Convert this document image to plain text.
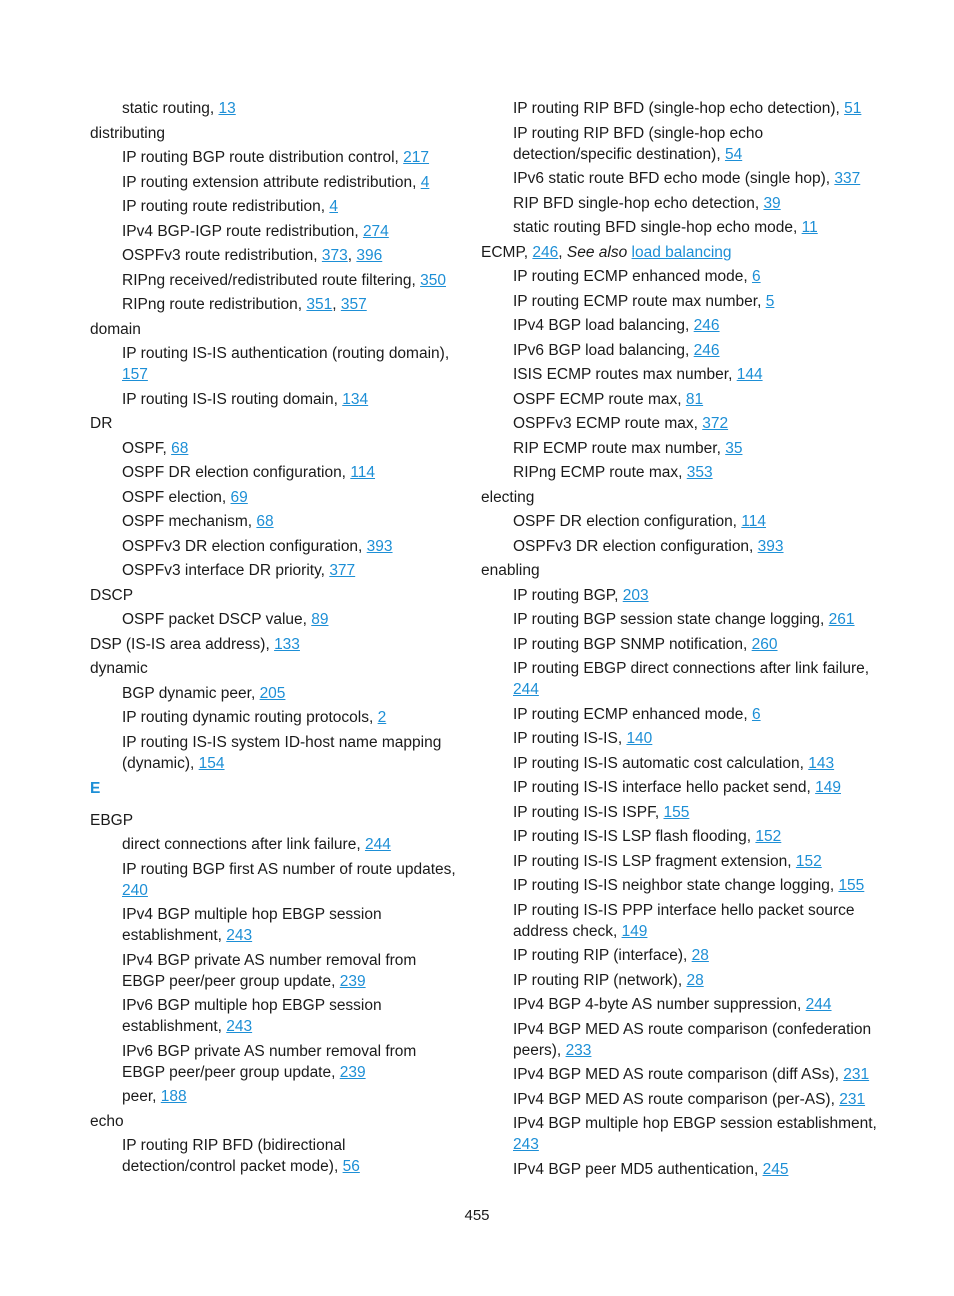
static routing, 13
distributing
IP routing BGP route distribution control, 217
IP routing extension attribute redistribution, 4
IP routing route redistribution, 4
IPv4 BGP-IGP route redistribution, 274
OSPFv3 route redistribution, 373, 396
RIPng received/redistributed route filtering, 350
RIPng route redistribution, 351, 357
domain
IP routing IS-IS authentication (routing domain), 157
IP routing IS-IS routing domain, 134
DR
OSPF, 68
OSPF DR election configuration, 114
OSPF election, 69
OSPF mechanism, 68
OSPFv3 DR election configuration, 393
OSPFv3 interface DR priority, 377
DSCP
OSPF packet DSCP value, 89
DSP (IS-IS area address), 133
dynamic
BGP dynamic peer, 205
IP routing dynamic routing protocols, 2
IP routing IS-IS system ID-host name mapping (dynamic), 154
E
EBGP
direct connections after link failure, 244
IP routing BGP first AS number of route updates, 240
IPv4 BGP multiple hop EBGP session establishment, 243
IPv4 BGP private AS number removal from EBGP peer/peer group update, 239
IPv6 BGP multiple hop EBGP session establishment, 243
IPv6 BGP private AS number removal from EBGP peer/peer group update, 239
peer, 188
echo
IP routing RIP BFD (bidirectional detection/control packet mode), 56
IP routing RIP BFD (single-hop echo detection), 51
IP routing RIP BFD (single-hop echo detection/specific destination), 54
IPv6 static route BFD echo mode (single hop), 337
RIP BFD single-hop echo detection, 39
static routing BFD single-hop echo mode, 11
ECMP, 246, See also load balancing
IP routing ECMP enhanced mode, 6
IP routing ECMP route max number, 5
IPv4 BGP load balancing, 246
IPv6 BGP load balancing, 246
ISIS ECMP routes max number, 144
OSPF ECMP route max, 81
OSPFv3 ECMP route max, 372
RIP ECMP route max number, 35
RIPng ECMP route max, 353
electing
OSPF DR election configuration, 114
OSPFv3 DR election configuration, 393
enabling
IP routing BGP, 203
IP routing BGP session state change logging, 261
IP routing BGP SNMP notification, 260
IP routing EBGP direct connections after link failure, 244
IP routing ECMP enhanced mode, 6
IP routing IS-IS, 140
IP routing IS-IS automatic cost calculation, 143
IP routing IS-IS interface hello packet send, 149
IP routing IS-IS ISPF, 155
IP routing IS-IS LSP flash flooding, 152
IP routing IS-IS LSP fragment extension, 152
IP routing IS-IS neighbor state change logging, 155
IP routing IS-IS PPP interface hello packet source address check, 149
IP routing RIP (interface), 28
IP routing RIP (network), 28
IPv4 BGP 4-byte AS number suppression, 244
IPv4 BGP MED AS route comparison (confederation peers), 233
IPv4 BGP MED AS route comparison (diff ASs), 231
IPv4 BGP MED AS route comparison (per-AS), 231
IPv4 BGP multiple hop EBGP session establishment, 243
IPv4 BGP peer MD5 authentication, 245
455
